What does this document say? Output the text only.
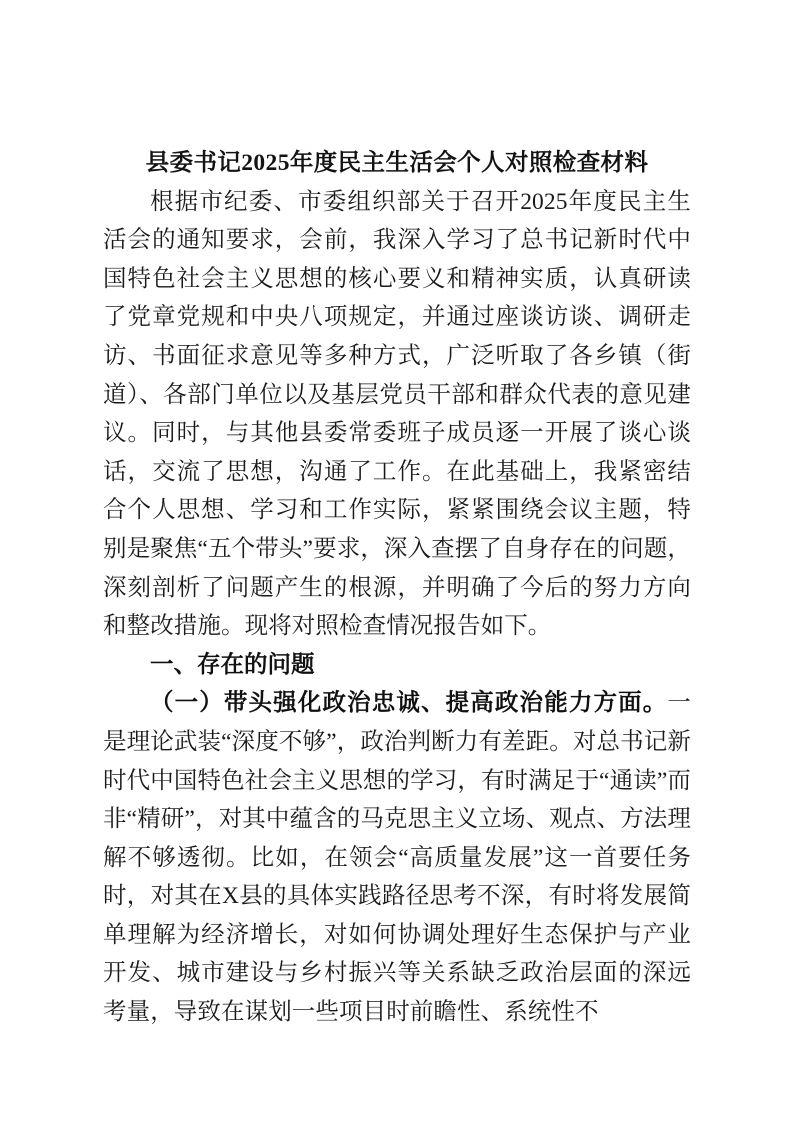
县委书记2025年度民主生活会个人对照检查材料

根据市纪委、市委组织部关于召开2025年度民主生活会的通知要求，会前，我深入学习了总书记新时代中国特色社会主义思想的核心要义和精神实质，认真研读了党章党规和中央八项规定，并通过座谈访谈、调研走访、书面征求意见等多种方式，广泛听取了各乡镇（街道）、各部门单位以及基层党员干部和群众代表的意见建议。同时，与其他县委常委班子成员逐一开展了谈心谈话，交流了思想，沟通了工作。在此基础上，我紧密结合个人思想、学习和工作实际，紧紧围绕会议主题，特别是聚焦“五个带头”要求，深入查摆了自身存在的问题，深刻剖析了问题产生的根源，并明确了今后的努力方向和整改措施。现将对照检查情况报告如下。

一、存在的问题

（一）带头强化政治忠诚、提高政治能力方面。一是理论武装“深度不够”，政治判断力有差距。对总书记新时代中国特色社会主义思想的学习，有时满足于“通读”而非“精研”，对其中蕴含的马克思主义立场、观点、方法理解不够透彻。比如，在领会“高质量发展”这一首要任务时，对其在X县的具体实践路径思考不深，有时将发展简单理解为经济增长，对如何协调处理好生态保护与产业开发、城市建设与乡村振兴等关系缺乏政治层面的深远考量，导致在谋划一些项目时前瞻性、系统性不
